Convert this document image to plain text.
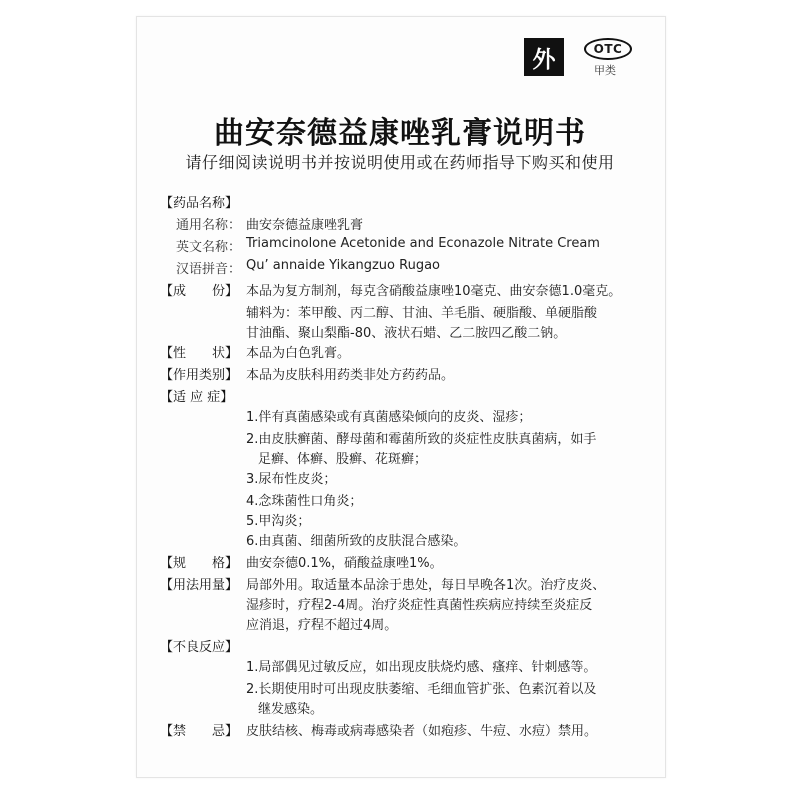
外	OTC
甲类
曲安奈德益康唑乳膏说明书
请仔细阅读说明书并按说明使用或在药师指导下购买和使用
【药品名称】
通用名称： 曲安奈德益康唑乳膏
英文名称： Triamcinolone Acetonide and Econazole Nitrate Cream
汉语拼音： Qu’ annaide Yikangzuo Rugao
【成　　份】 本品为复方制剂，每克含硝酸益康唑10毫克、曲安奈德1.0毫克。
辅料为：苯甲酸、丙二醇、甘油、羊毛脂、硬脂酸、单硬脂酸
甘油酯、聚山梨酯-80、液状石蜡、乙二胺四乙酸二钠。
【性　　状】 本品为白色乳膏。
【作用类别】 本品为皮肤科用药类非处方药药品。
【适 应 症】
1.伴有真菌感染或有真菌感染倾向的皮炎、湿疹；
2.由皮肤癣菌、酵母菌和霉菌所致的炎症性皮肤真菌病，如手
足癣、体癣、股癣、花斑癣；
3.尿布性皮炎；
4.念珠菌性口角炎；
5.甲沟炎；
6.由真菌、细菌所致的皮肤混合感染。
【规　　格】 曲安奈德0.1%，硝酸益康唑1%。
【用法用量】 局部外用。取适量本品涂于患处，每日早晚各1次。治疗皮炎、
湿疹时，疗程2-4周。治疗炎症性真菌性疾病应持续至炎症反
应消退，疗程不超过4周。
【不良反应】
1.局部偶见过敏反应，如出现皮肤烧灼感、瘙痒、针刺感等。
2.长期使用时可出现皮肤萎缩、毛细血管扩张、色素沉着以及
继发感染。
【禁　　忌】 皮肤结核、梅毒或病毒感染者（如疱疹、牛痘、水痘）禁用。
